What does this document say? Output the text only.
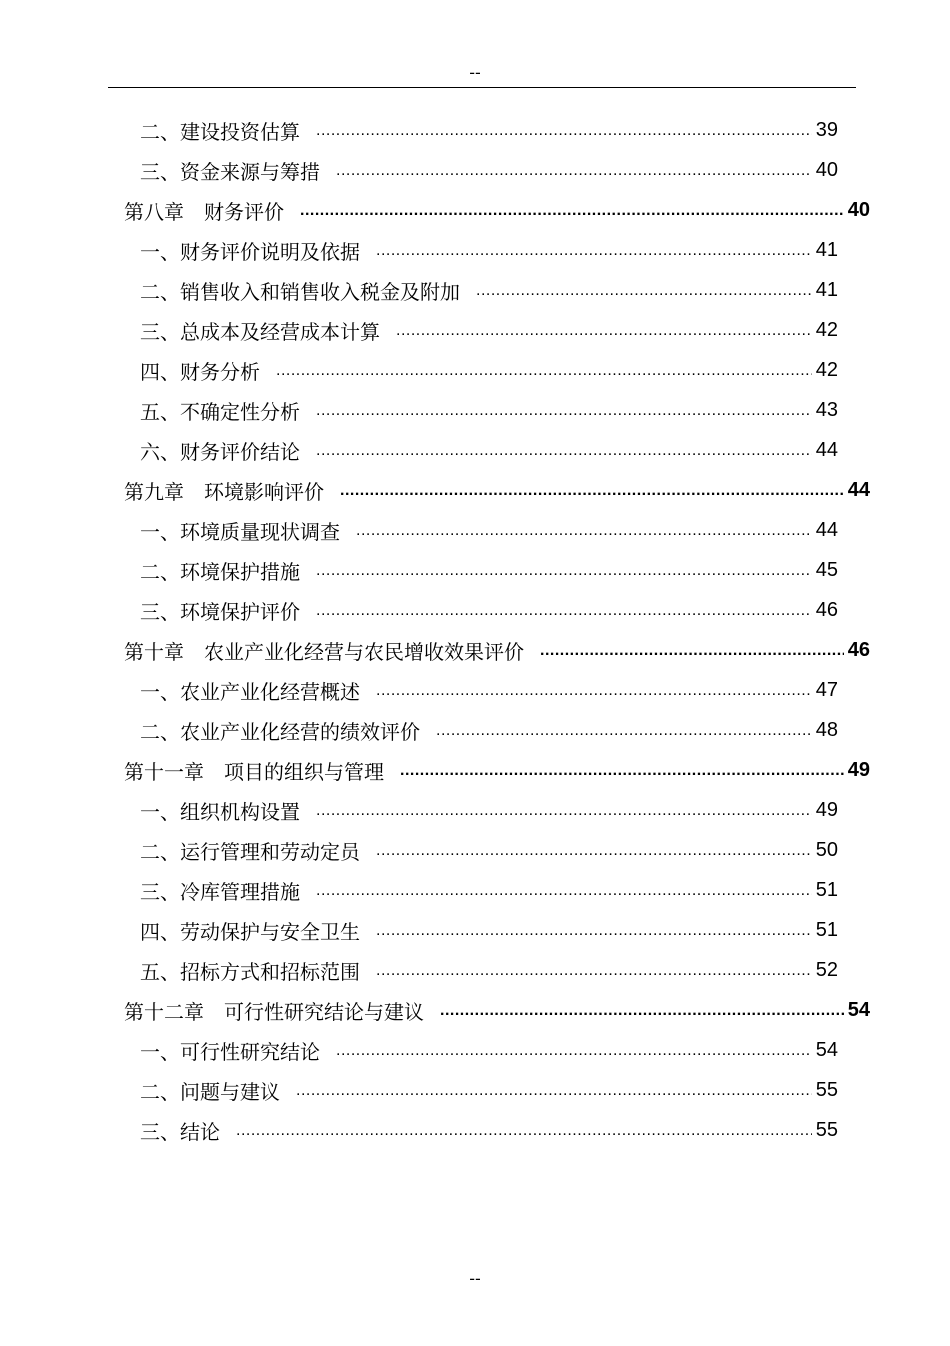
--
二、建设投资估算 .....	39
三、资金来源与筹措 .....	40
第八章　财务评价 .....	40
一、财务评价说明及依据 .....	41
二、销售收入和销售收入税金及附加 .....	41
三、总成本及经营成本计算 .....	42
四、财务分析 .....	42
五、不确定性分析 .....	43
六、财务评价结论 .....	44
第九章　环境影响评价 .....	44
一、环境质量现状调查 .....	44
二、环境保护措施 .....	45
三、环境保护评价 .....	46
第十章　农业产业化经营与农民增收效果评价 .....	46
一、农业产业化经营概述 .....	47
二、农业产业化经营的绩效评价 .....	48
第十一章　项目的组织与管理 .....	49
一、组织机构设置 .....	49
二、运行管理和劳动定员 .....	50
三、冷库管理措施 .....	51
四、劳动保护与安全卫生 .....	51
五、招标方式和招标范围 .....	52
第十二章　可行性研究结论与建议 .....	54
一、可行性研究结论 .....	54
二、问题与建议 .....	55
三、结论 .....	55
--
